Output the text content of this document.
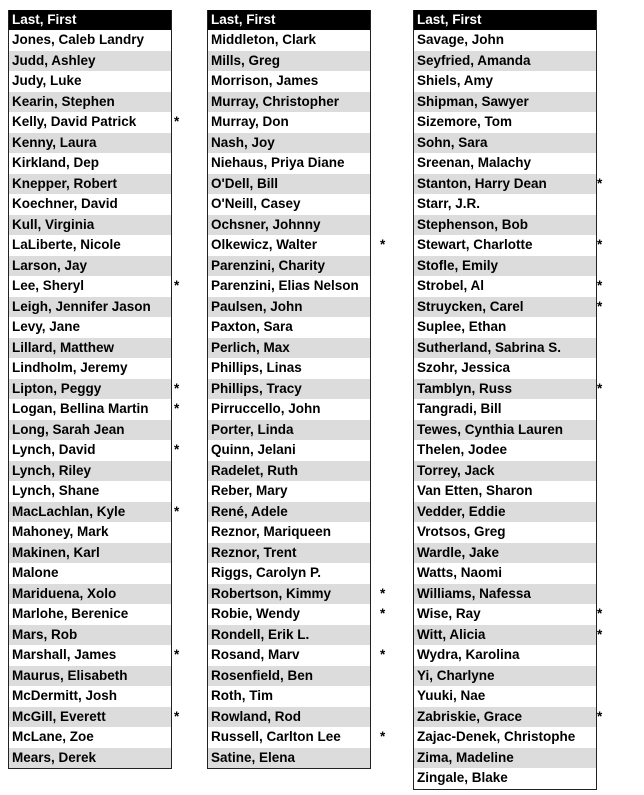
Last, First
Jones, Caleb Landry
Judd, Ashley
Judy, Luke
Kearin, Stephen
Kelly, David Patrick	*
Kenny, Laura
Kirkland, Dep
Knepper, Robert
Koechner, David
Kull, Virginia
LaLiberte, Nicole
Larson, Jay
Lee, Sheryl	*
Leigh, Jennifer Jason
Levy, Jane
Lillard, Matthew
Lindholm, Jeremy
Lipton, Peggy	*
Logan, Bellina Martin *
Long, Sarah Jean
Lynch, David	*
Lynch, Riley
Lynch, Shane
MacLachlan, Kyle	*
Mahoney, Mark
Makinen, Karl
Malone
Mariduena, Xolo
Marlohe, Berenice
Mars, Rob
Marshall, James	*
Maurus, Elisabeth
McDermitt, Josh
McGill, Everett	*
McLane, Zoe
Mears, Derek
Last, First
Middleton, Clark
Mills, Greg
Morrison, James
Murray, Christopher
Murray, Don
Nash, Joy
Niehaus, Priya Diane
O'Dell, Bill
O'Neill, Casey
Ochsner, Johnny
Olkewicz, Walter	*
Parenzini, Charity
Parenzini, Elias Nelson
Paulsen, John
Paxton, Sara
Perlich, Max
Phillips, Linas
Phillips, Tracy
Pirruccello, John
Porter, Linda
Quinn, Jelani
Radelet, Ruth
Reber, Mary
René, Adele
Reznor, Mariqueen
Reznor, Trent
Riggs, Carolyn P.
Robertson, Kimmy	*
Robie, Wendy	*
Rondell, Erik L.
Rosand, Marv	*
Rosenfield, Ben
Roth, Tim
Rowland, Rod
Russell, Carlton Lee	*
Satine, Elena
Last, First
Savage, John
Seyfried, Amanda
Shiels, Amy
Shipman, Sawyer
Sizemore, Tom
Sohn, Sara
Sreenan, Malachy
Stanton, Harry Dean	*
Starr, J.R.
Stephenson, Bob
Stewart, Charlotte	*
Stofle, Emily
Strobel, Al	*
Struycken, Carel	*
Suplee, Ethan
Sutherland, Sabrina S.
Szohr, Jessica
Tamblyn, Russ	*
Tangradi, Bill
Tewes, Cynthia Lauren
Thelen, Jodee
Torrey, Jack
Van Etten, Sharon
Vedder, Eddie
Vrotsos, Greg
Wardle, Jake
Watts, Naomi
Williams, Nafessa
Wise, Ray	*
Witt, Alicia	*
Wydra, Karolina
Yi, Charlyne
Yuuki, Nae
Zabriskie, Grace	*
Zajac-Denek, Christophe
Zima, Madeline
Zingale, Blake
